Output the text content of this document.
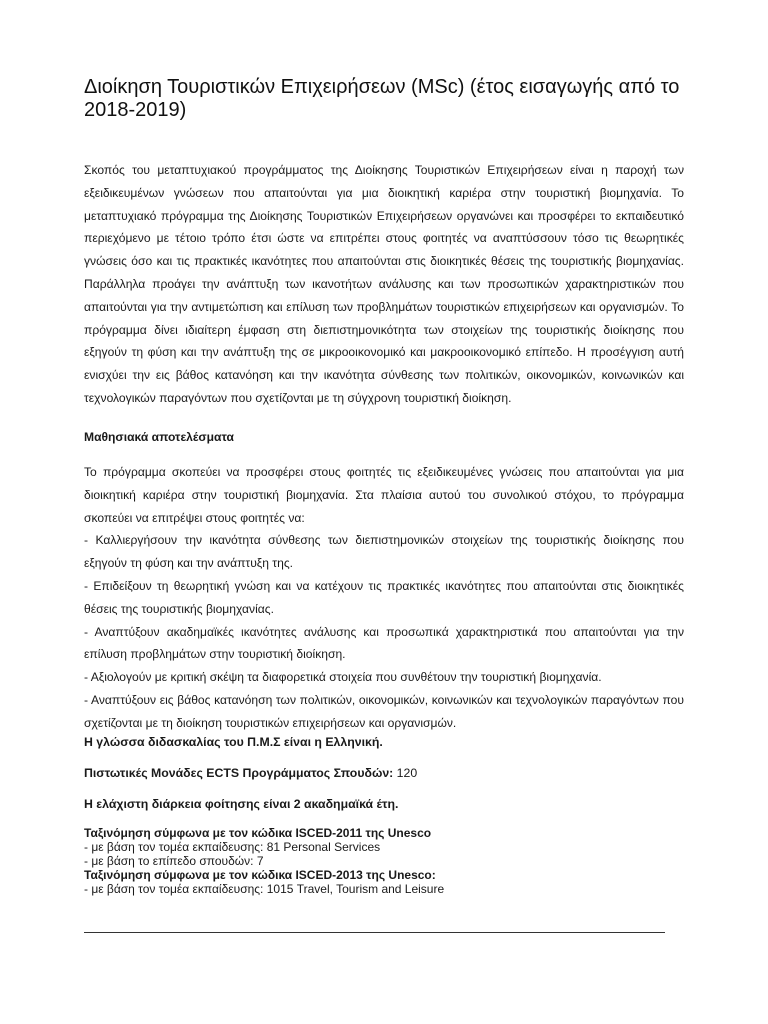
Διοίκηση Τουριστικών Επιχειρήσεων (MSc) (έτος εισαγωγής από το 2018-2019)

Σκοπός του μεταπτυχιακού προγράμματος της Διοίκησης Τουριστικών Επιχειρήσεων είναι η παροχή των εξειδικευμένων γνώσεων που απαιτούνται για μια διοικητική καριέρα στην τουριστική βιομηχανία. Το μεταπτυχιακό πρόγραμμα της Διοίκησης Τουριστικών Επιχειρήσεων οργανώνει και προσφέρει το εκπαιδευτικό περιεχόμενο με τέτοιο τρόπο έτσι ώστε να επιτρέπει στους φοιτητές να αναπτύσσουν τόσο τις θεωρητικές γνώσεις όσο και τις πρακτικές ικανότητες που απαιτούνται στις διοικητικές θέσεις της τουριστικής βιομηχανίας. Παράλληλα προάγει την ανάπτυξη των ικανοτήτων ανάλυσης και των προσωπικών χαρακτηριστικών που απαιτούνται για την αντιμετώπιση και επίλυση των προβλημάτων τουριστικών επιχειρήσεων και οργανισμών. Το πρόγραμμα δίνει ιδιαίτερη έμφαση στη διεπιστημονικότητα των στοιχείων της τουριστικής διοίκησης που εξηγούν τη φύση και την ανάπτυξη της σε μικροοικονομικό και μακροοικονομικό επίπεδο. Η προσέγγιση αυτή ενισχύει την εις βάθος κατανόηση και την ικανότητα σύνθεσης των πολιτικών, οικονομικών, κοινωνικών και τεχνολογικών παραγόντων που σχετίζονται με τη σύγχρονη τουριστική διοίκηση.

Μαθησιακά αποτελέσματα

Το πρόγραμμα σκοπεύει να προσφέρει στους φοιτητές τις εξειδικευμένες γνώσεις που απαιτούνται για μια διοικητική καριέρα στην τουριστική βιομηχανία. Στα πλαίσια αυτού του συνολικού στόχου, το πρόγραμμα σκοπεύει να επιτρέψει στους φοιτητές να:

- Καλλιεργήσουν την ικανότητα σύνθεσης των διεπιστημονικών στοιχείων της τουριστικής διοίκησης που εξηγούν τη φύση και την ανάπτυξη της.

- Επιδείξουν τη θεωρητική γνώση και να κατέχουν τις πρακτικές ικανότητες που απαιτούνται στις διοικητικές θέσεις της τουριστικής βιομηχανίας.

- Αναπτύξουν ακαδημαϊκές ικανότητες ανάλυσης και προσωπικά χαρακτηριστικά που απαιτούνται για την επίλυση προβλημάτων στην τουριστική διοίκηση.

- Αξιολογούν με κριτική σκέψη τα διαφορετικά στοιχεία που συνθέτουν την τουριστική βιομηχανία.

- Αναπτύξουν εις βάθος κατανόηση των πολιτικών, οικονομικών, κοινωνικών και τεχνολογικών παραγόντων που σχετίζονται με τη διοίκηση τουριστικών επιχειρήσεων και οργανισμών.

Η γλώσσα διδασκαλίας του Π.Μ.Σ είναι η Ελληνική.
Πιστωτικές Μονάδες ECTS Προγράμματος Σπουδών: 120
Η ελάχιστη διάρκεια φοίτησης είναι 2 ακαδημαϊκά έτη.
Ταξινόμηση σύμφωνα με τον κώδικα ISCED-2011 της Unesco
- με βάση τον τομέα εκπαίδευσης: 81 Personal Services
- με βάση το επίπεδο σπουδών: 7
Ταξινόμηση σύμφωνα με τον κώδικα ISCED-2013 της Unesco:
- με βάση τον τομέα εκπαίδευσης: 1015 Travel, Tourism and Leisure
